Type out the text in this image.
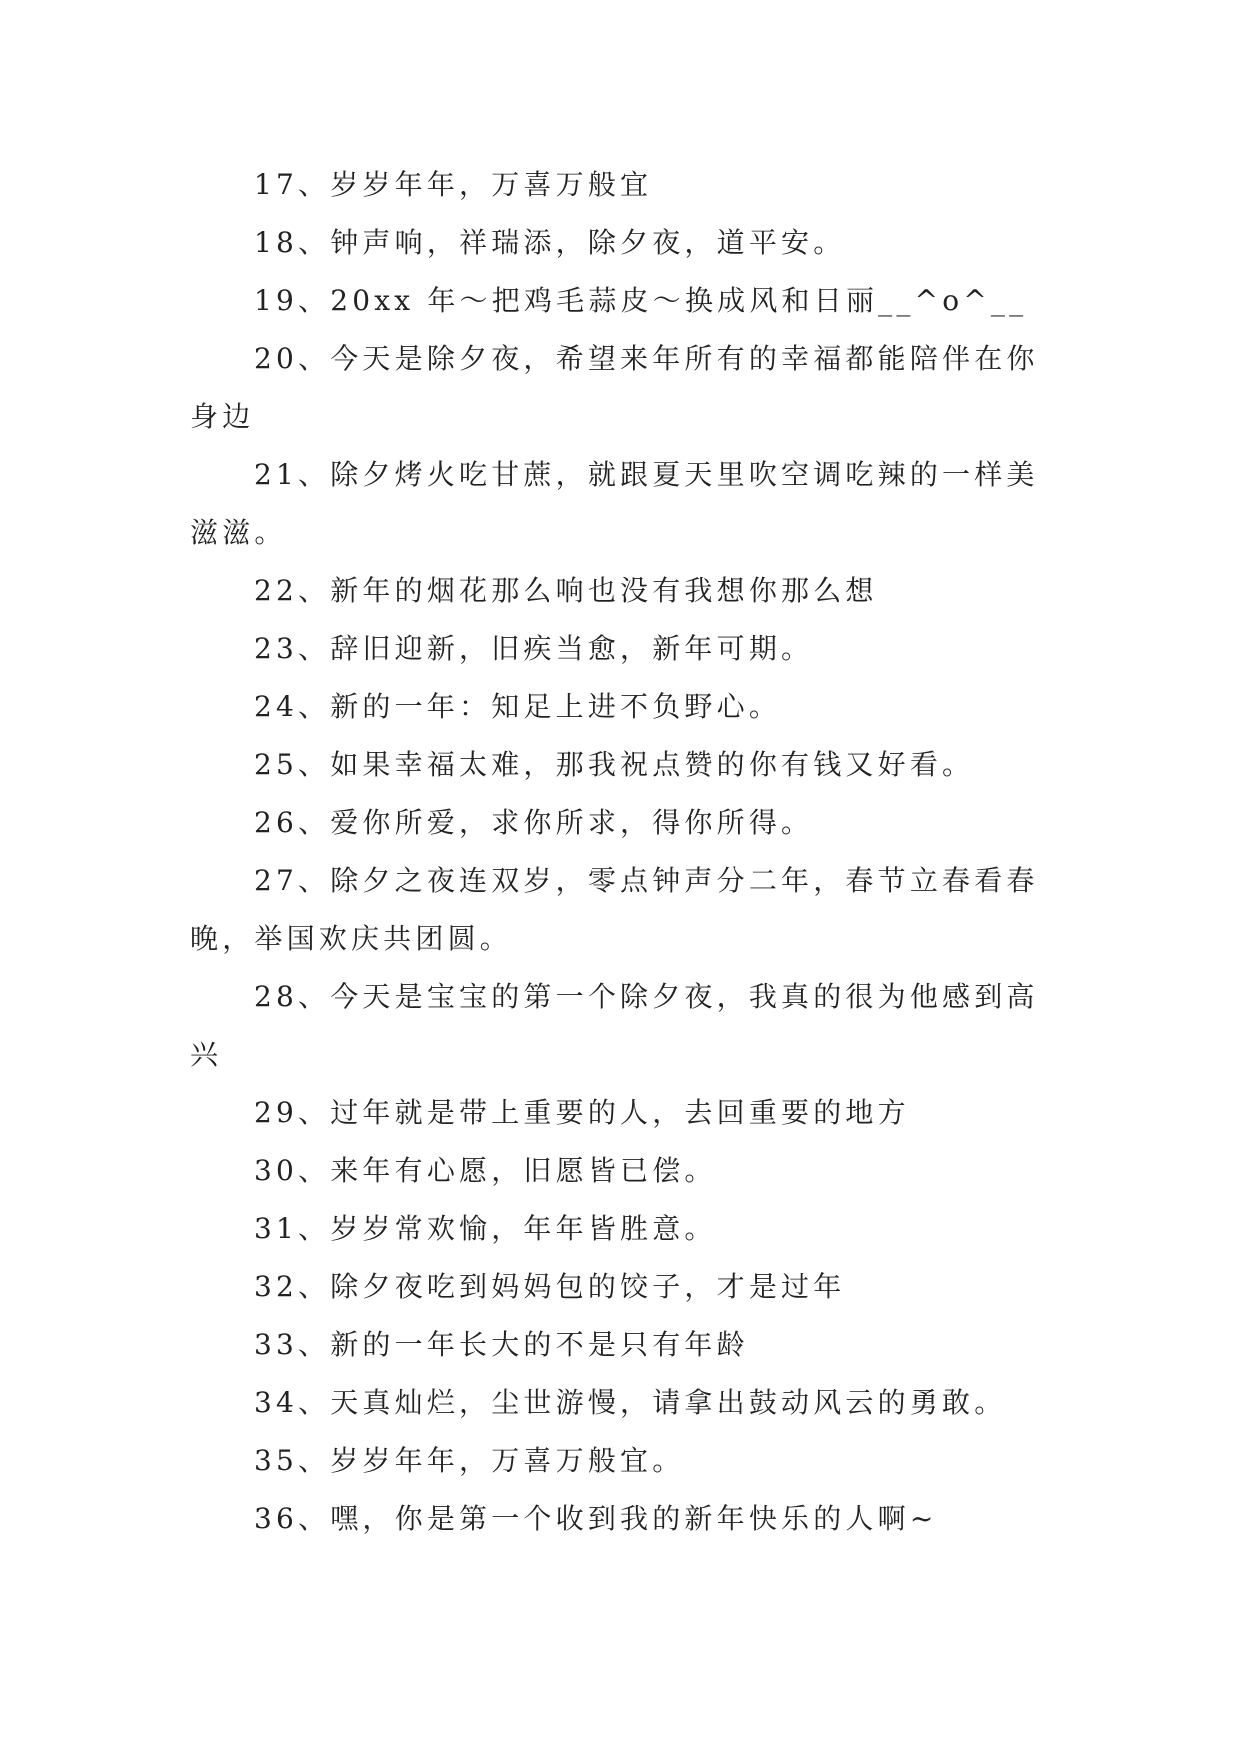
17、岁岁年年，万喜万般宜

18、钟声响，祥瑞添，除夕夜，道平安。

19、20xx 年～把鸡毛蒜皮～换成风和日丽__^o^__

20、今天是除夕夜，希望来年所有的幸福都能陪伴在你身边

21、除夕烤火吃甘蔗，就跟夏天里吹空调吃辣的一样美滋滋。

22、新年的烟花那么响也没有我想你那么想

23、辞旧迎新，旧疾当愈，新年可期。

24、新的一年：知足上进不负野心。

25、如果幸福太难，那我祝点赞的你有钱又好看。

26、爱你所爱，求你所求，得你所得。

27、除夕之夜连双岁，零点钟声分二年，春节立春看春晚，举国欢庆共团圆。

28、今天是宝宝的第一个除夕夜，我真的很为他感到高兴

29、过年就是带上重要的人，去回重要的地方

30、来年有心愿，旧愿皆已偿。

31、岁岁常欢愉，年年皆胜意。

32、除夕夜吃到妈妈包的饺子，才是过年

33、新的一年长大的不是只有年龄

34、天真灿烂，尘世游慢，请拿出鼓动风云的勇敢。

35、岁岁年年，万喜万般宜。

36、嘿，你是第一个收到我的新年快乐的人啊~
